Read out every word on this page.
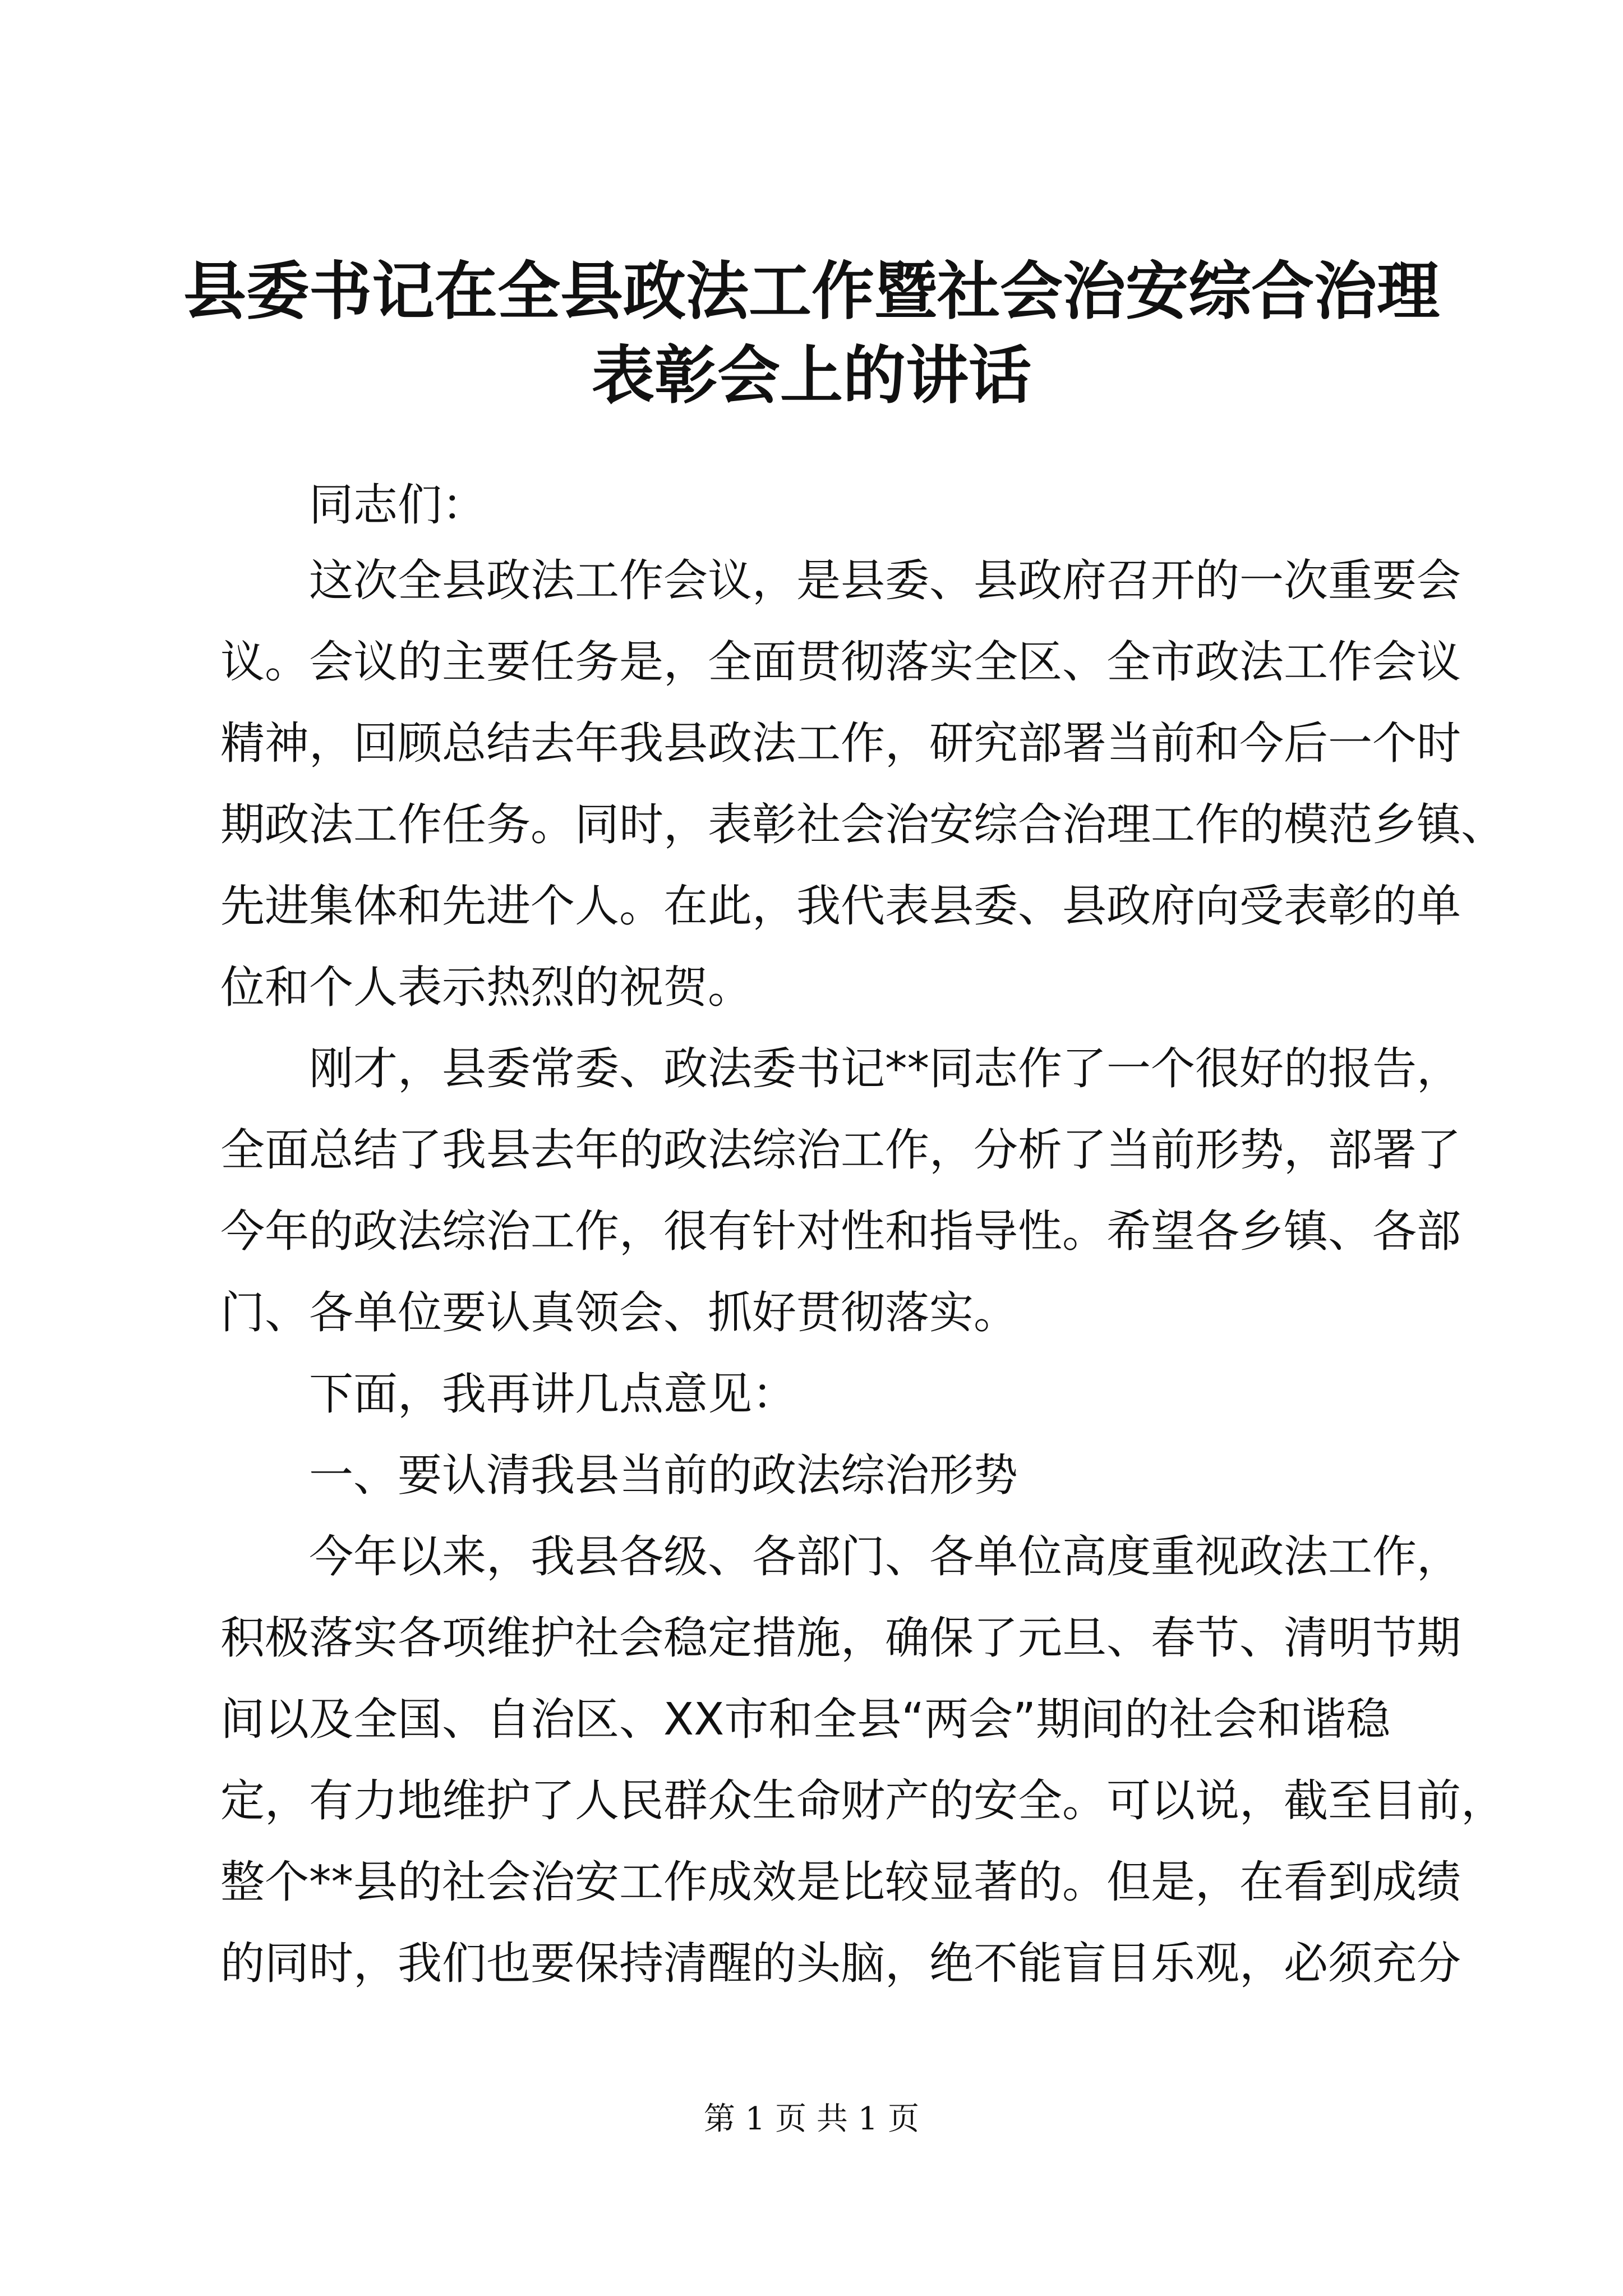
县委书记在全县政法工作暨社会治安综合治理
表彰会上的讲话

　　同志们：

　　这次全县政法工作会议，是县委、县政府召开的一次重要会

议。会议的主要任务是，全面贯彻落实全区、全市政法工作会议

精神，回顾总结去年我县政法工作，研究部署当前和今后一个时

期政法工作任务。同时，表彰社会治安综合治理工作的模范乡镇、

先进集体和先进个人。在此，我代表县委、县政府向受表彰的单

位和个人表示热烈的祝贺。

　　刚才，县委常委、政法委书记**同志作了一个很好的报告，

全面总结了我县去年的政法综治工作，分析了当前形势，部署了

今年的政法综治工作，很有针对性和指导性。希望各乡镇、各部

门、各单位要认真领会、抓好贯彻落实。

　　下面，我再讲几点意见：

　　一、要认清我县当前的政法综治形势

　　今年以来，我县各级、各部门、各单位高度重视政法工作，

积极落实各项维护社会稳定措施，确保了元旦、春节、清明节期

间以及全国、自治区、XX市和全县“两会”期间的社会和谐稳

定，有力地维护了人民群众生命财产的安全。可以说，截至目前，

整个**县的社会治安工作成效是比较显著的。但是，在看到成绩

的同时，我们也要保持清醒的头脑，绝不能盲目乐观，必须充分

第 1 页 共 1 页
